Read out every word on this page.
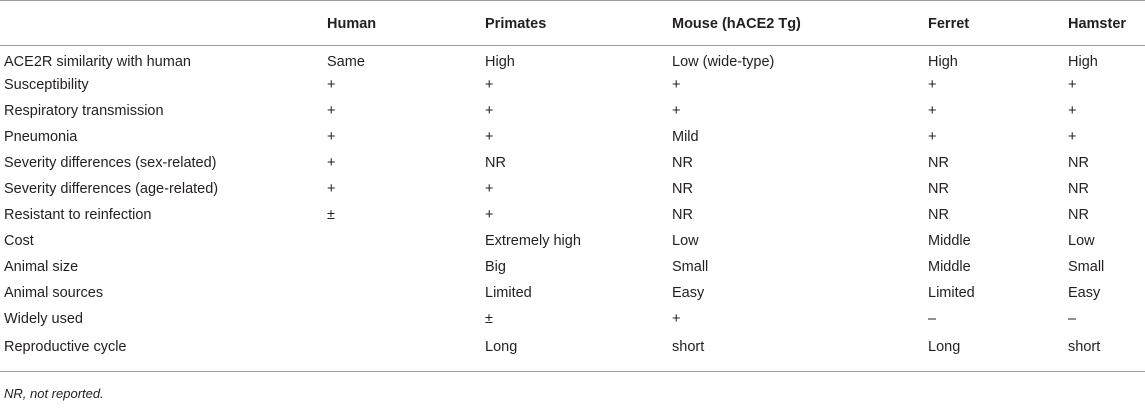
	Human	Primates	Mouse (hACE2 Tg)	Ferret	Hamster
ACE2R similarity with human	Same	High	Low (wide-type)	High	High
Susceptibility	+	+	+	+	+
Respiratory transmission	+	+	+	+	+
Pneumonia	+	+	Mild	+	+
Severity differences (sex-related)	+	NR	NR	NR	NR
Severity differences (age-related)	+	+	NR	NR	NR
Resistant to reinfection	±	+	NR	NR	NR
Cost		Extremely high	Low	Middle	Low
Animal size		Big	Small	Middle	Small
Animal sources		Limited	Easy	Limited	Easy
Widely used		±	+	–	–
Reproductive cycle		Long	short	Long	short
NR, not reported.
